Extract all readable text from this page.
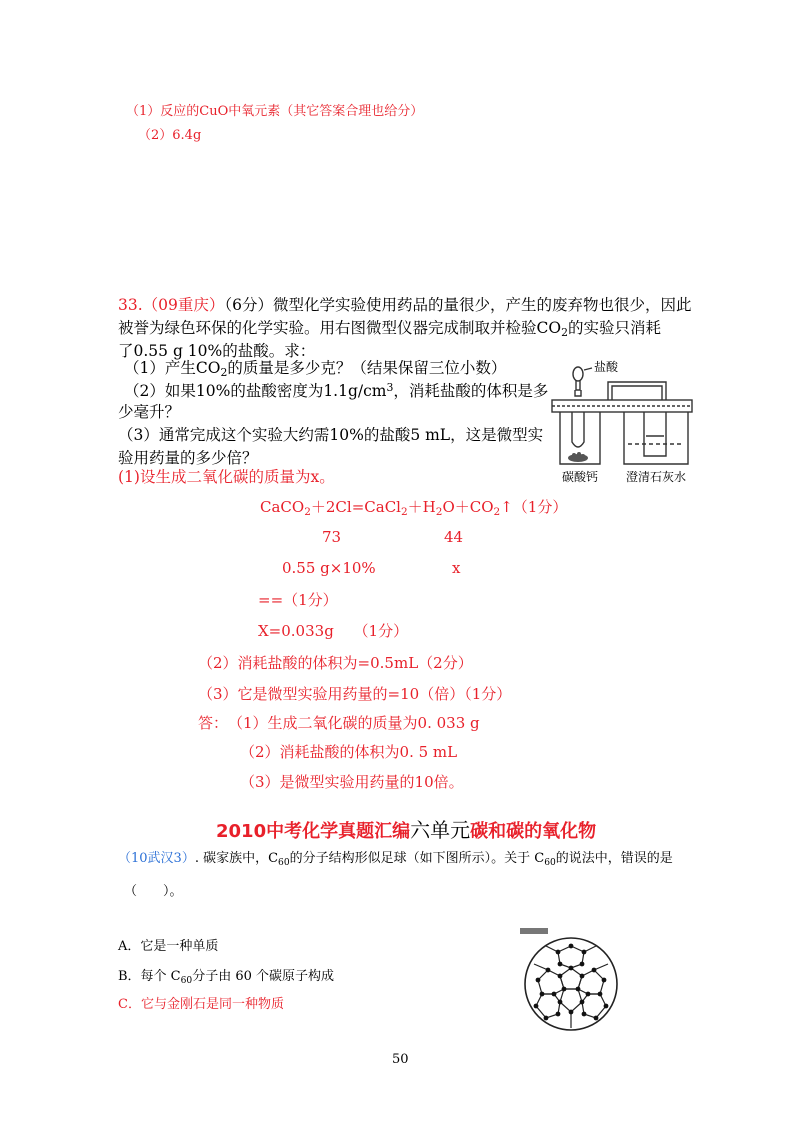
（1）反应的CuO中氧元素（其它答案合理也给分）
（2）6.4g
33.（09重庆）（6分）微型化学实验使用药品的量很少，产生的废弃物也很少，因此
被誉为绿色环保的化学实验。用右图微型仪器完成制取并检验$CO_2$的实验只消耗
了0.55 g 10%的盐酸。求：
（1）产生$CO_2$的质量是多少克？（结果保留三位小数）
（2）如果10%的盐酸密度为$1.1g/cm^3$，消耗盐酸的体积是多
少毫升？
（3）通常完成这个实验大约需10%的盐酸5 mL，这是微型实
验用药量的多少倍？
盐酸
碳酸钙 澄清石灰水
(1)设生成二氧化碳的质量为x。
$CaCO_2+2Cl=CaCl_2+H_2O+CO_2↑(1$分）
73	44
0.55 g×10%	x
==（1分）
X=0.033g　 （1分）
（2）消耗盐酸的体积为=0.5mL（2分）
（3）它是微型实验用药量的=10（倍）（1分）
答： （1）生成二氧化碳的质量为0. 033 g
（2）消耗盐酸的体积为0. 5 mL
（3）是微型实验用药量的10倍。
2010中考化学真题汇编六单元碳和碳的氧化物
（10武汉3）. 碳家族中，$C_{60}$的分子结构形似足球（如下图所示）。关于 $C_{60}$的说法中，错误的是
（　　）。
A．它是一种单质
B．每个 $C_{60}$分子由 60 个碳原子构成
C．它与金刚石是同一种物质
50
